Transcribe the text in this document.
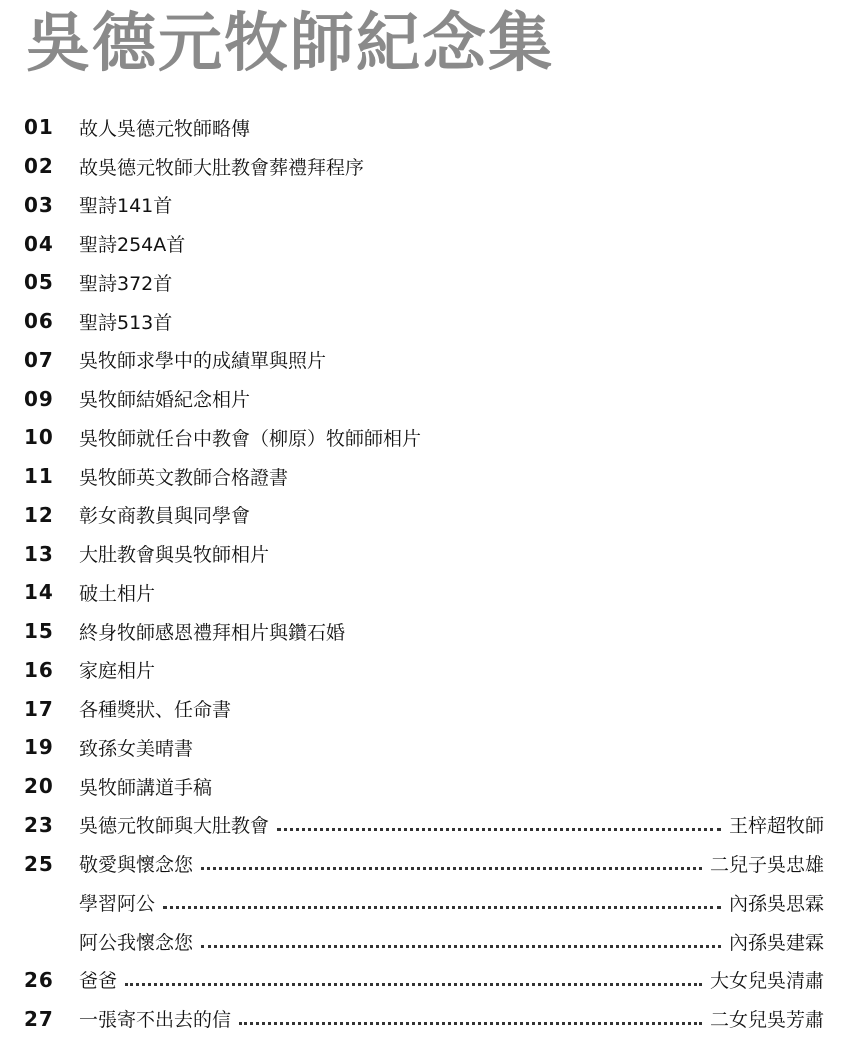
吳德元牧師紀念集
01	故人吳德元牧師略傳
02	故吳德元牧師大肚教會葬禮拜程序
03	聖詩141首
04	聖詩254A首
05	聖詩372首
06	聖詩513首
07	吳牧師求學中的成績單與照片
09	吳牧師結婚紀念相片
10	吳牧師就任台中教會（柳原）牧師師相片
11	吳牧師英文教師合格證書
12	彰女商教員與同學會
13	大肚教會與吳牧師相片
14	破土相片
15	終身牧師感恩禮拜相片與鑽石婚
16	家庭相片
17	各種獎狀、任命書
19	致孫女美晴書
20	吳牧師講道手稿
23	吳德元牧師與大肚教會	王梓超牧師
25	敬愛與懷念您	二兒子吳忠雄
學習阿公	內孫吳思霖
阿公我懷念您	內孫吳建霖
26	爸爸	大女兒吳清肅
27	一張寄不出去的信	二女兒吳芳肅
